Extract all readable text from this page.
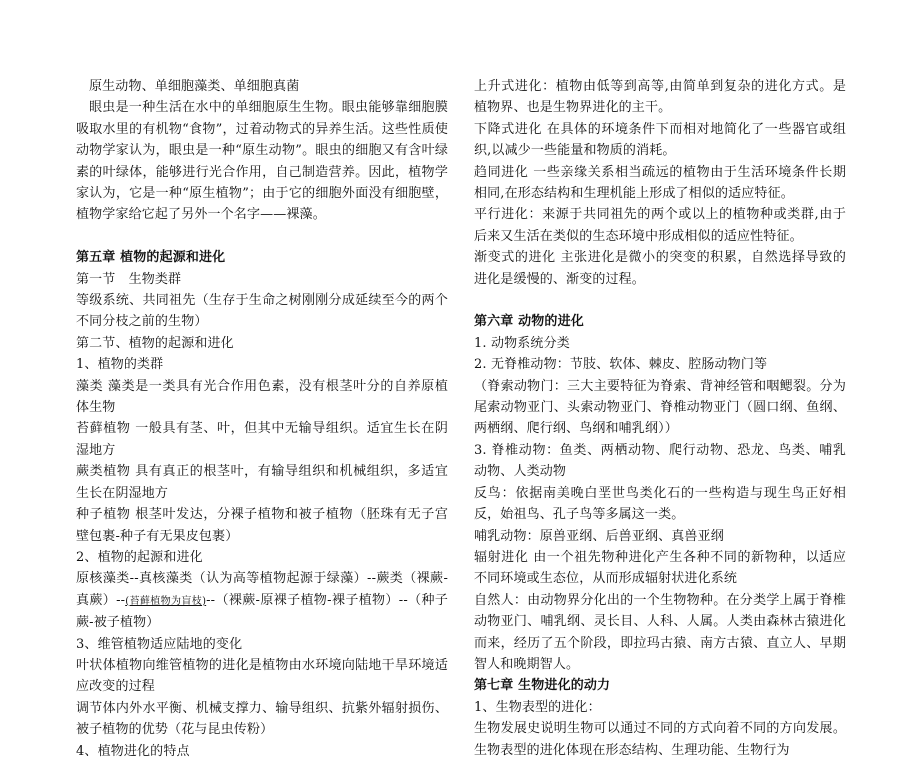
原生动物、单细胞藻类、单细胞真菌

眼虫是一种生活在水中的单细胞原生生物。眼虫能够靠细胞膜吸取水里的有机物“食物”，过着动物式的异养生活。这些性质使动物学家认为，眼虫是一种“原生动物”。眼虫的细胞又有含叶绿素的叶绿体，能够进行光合作用，自己制造营养。因此，植物学家认为，它是一种“原生植物”；由于它的细胞外面没有细胞壁，植物学家给它起了另外一个名字——裸藻。

第五章 植物的起源和进化

第一节　生物类群

等级系统、共同祖先（生存于生命之树刚刚分成延续至今的两个不同分枝之前的生物）

第二节、植物的起源和进化

1、植物的类群

藻类 藻类是一类具有光合作用色素，没有根茎叶分的自养原植体生物

苔藓植物 一般具有茎、叶，但其中无输导组织。适宜生长在阴湿地方

蕨类植物 具有真正的根茎叶，有输导组织和机械组织，多适宜生长在阴湿地方

种子植物 根茎叶发达，分裸子植物和被子植物（胚珠有无子宫壁包裹-种子有无果皮包裹）

2、植物的起源和进化

原核藻类--真核藻类（认为高等植物起源于绿藻）--蕨类（裸蕨-真蕨）--(苔藓植物为盲枝)--（裸蕨-原裸子植物-裸子植物）--（种子蕨-被子植物）

3、维管植物适应陆地的变化

叶状体植物向维管植物的进化是植物由水环境向陆地干旱环境适应改变的过程

调节体内外水平衡、机械支撑力、输导组织、抗紫外辐射损伤、被子植物的优势（花与昆虫传粉）

4、植物进化的特点

上升式进化：植物由低等到高等,由简单到复杂的进化方式。是植物界、也是生物界进化的主干。

下降式进化 在具体的环境条件下而相对地简化了一些器官或组织,以减少一些能量和物质的消耗。

趋同进化 一些亲缘关系相当疏远的植物由于生活环境条件长期相同,在形态结构和生理机能上形成了相似的适应特征。

平行进化：来源于共同祖先的两个或以上的植物种或类群,由于后来又生活在类似的生态环境中形成相似的适应性特征。

渐变式的进化 主张进化是微小的突变的积累，自然选择导致的进化是缓慢的、渐变的过程。

第六章 动物的进化

1. 动物系统分类

2. 无脊椎动物：节肢、软体、棘皮、腔肠动物门等

（脊索动物门：三大主要特征为脊索、背神经管和咽鳃裂。分为尾索动物亚门、头索动物亚门、脊椎动物亚门（圆口纲、鱼纲、两栖纲、爬行纲、鸟纲和哺乳纲））

3. 脊椎动物：鱼类、两栖动物、爬行动物、恐龙、鸟类、哺乳动物、人类动物

反鸟：依据南美晚白垩世鸟类化石的一些构造与现生鸟正好相反，始祖鸟、孔子鸟等多属这一类。

哺乳动物：原兽亚纲、后兽亚纲、真兽亚纲

辐射进化 由一个祖先物种进化产生各种不同的新物种，以适应不同环境或生态位，从而形成辐射状进化系统

自然人：由动物界分化出的一个生物物种。在分类学上属于脊椎动物亚门、哺乳纲、灵长目、人科、人属。人类由森林古猿进化而来，经历了五个阶段，即拉玛古猿、南方古猿、直立人、早期智人和晚期智人。

第七章 生物进化的动力

1、生物表型的进化：

生物发展史说明生物可以通过不同的方式向着不同的方向发展。生物表型的进化体现在形态结构、生理功能、生物行为
